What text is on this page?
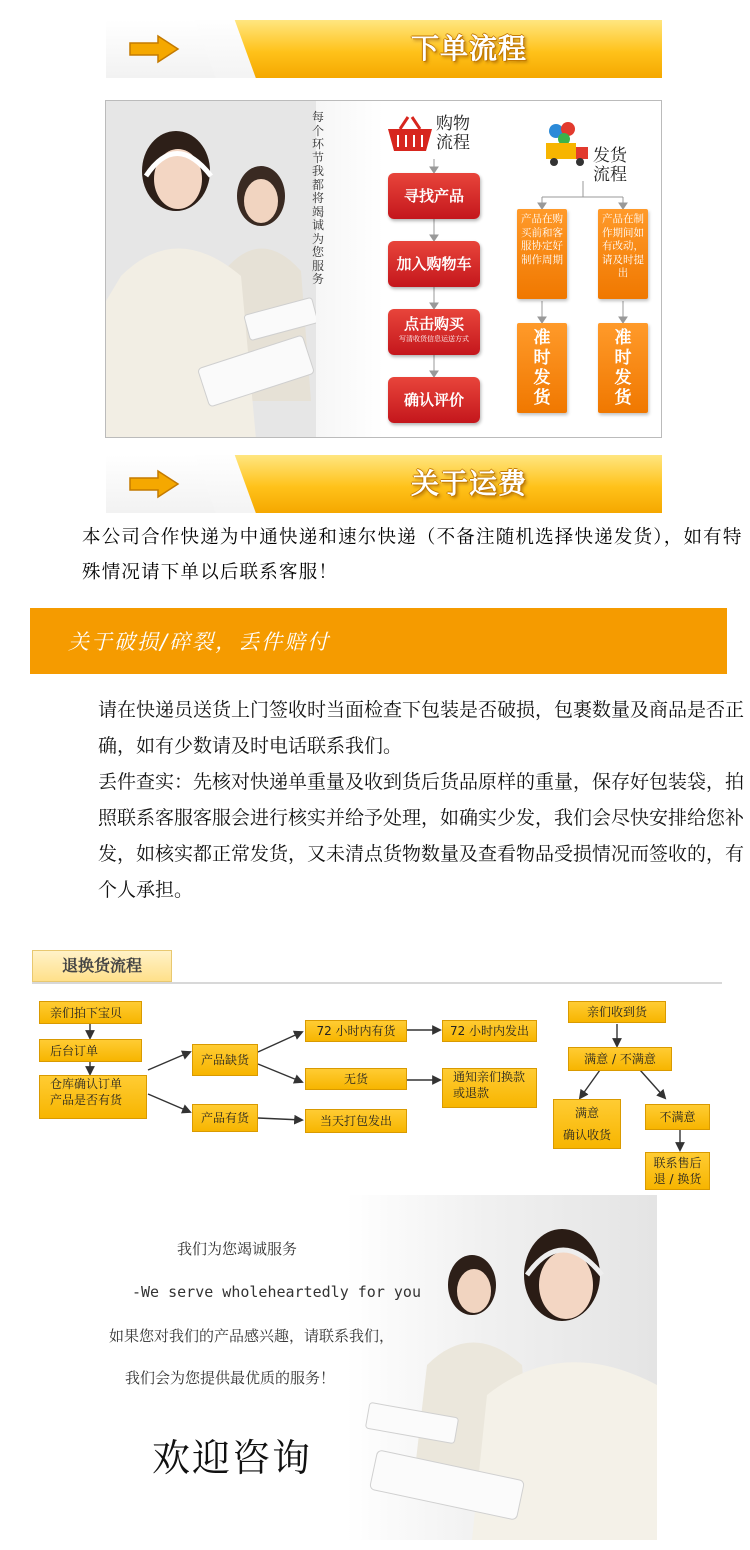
下单流程
每个环节我都将竭诚为您服务
购物流程
发货流程
寻找产品
加入购物车
点击购买
写清收货信息运送方式
确认评价
产品在购买前和客服协定好制作周期
产品在制作期间如有改动，请及时提出
准时发货
准时发货
关于运费
本公司合作快递为中通快递和速尔快递（不备注随机选择快递发货），如有特殊情况请下单以后联系客服！
关于破损/碎裂，丢件赔付

请在快递员送货上门签收时当面检查下包装是否破损，包裹数量及商品是否正确，如有少数请及时电话联系我们。

丢件查实：先核对快递单重量及收到货后货品原样的重量，保存好包装袋，拍照联系客服客服会进行核实并给予处理，如确实少发，我们会尽快安排给您补发，如核实都正常发货，又未清点货物数量及查看物品受损情况而签收的，有个人承担。

退换货流程
亲们拍下宝贝
后台订单
仓库确认订单
产品是否有货
产品缺货
产品有货
72 小时内有货	72 小时内发出
无货	通知亲们换款
或退款
当天打包发出
亲们收到货
满意 / 不满意
满意
确认收货
不满意
联系售后
退 / 换货
我们为您竭诚服务
-We serve wholeheartedly for you
如果您对我们的产品感兴趣，请联系我们，
我们会为您提供最优质的服务！
欢迎咨询
